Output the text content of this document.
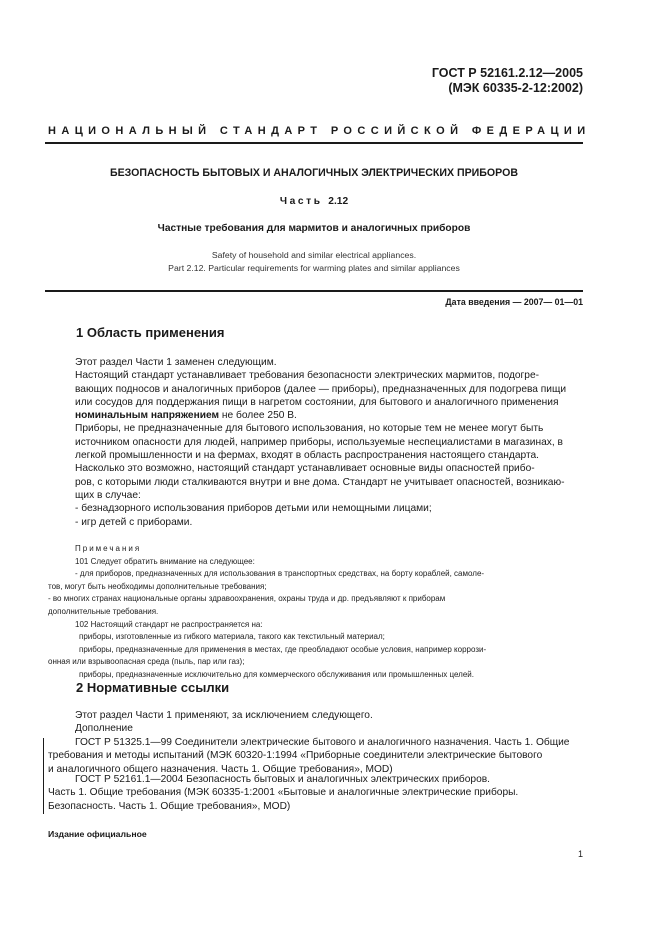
ГОСТ Р 52161.2.12—2005
(МЭК 60335-2-12:2002)
НАЦИОНАЛЬНЫЙ СТАНДАРТ РОССИЙСКОЙ ФЕДЕРАЦИИ
БЕЗОПАСНОСТЬ БЫТОВЫХ И АНАЛОГИЧНЫХ ЭЛЕКТРИЧЕСКИХ ПРИБОРОВ
Часть 2.12
Частные требования для мармитов и аналогичных приборов
Safety of household and similar electrical appliances.
Part 2.12. Particular requirements for warming plates and similar appliances
Дата введения — 2007— 01—01
1 Область применения

Этот раздел Части 1 заменен следующим.

Настоящий стандарт устанавливает требования безопасности электрических мармитов, подогре-

вающих подносов и аналогичных приборов (далее — приборы), предназначенных для подогрева пищи

или сосудов для поддержания пищи в нагретом состоянии, для бытового и аналогичного применения

номинальным напряжением не более 250 В.

Приборы, не предназначенные для бытового использования, но которые тем не менее могут быть

источником опасности для людей, например приборы, используемые неспециалистами в магазинах, в

легкой промышленности и на фермах, входят в область распространения настоящего стандарта.

Насколько это возможно, настоящий стандарт устанавливает основные виды опасностей прибо-

ров, с которыми люди сталкиваются внутри и вне дома. Стандарт не учитывает опасностей, возникаю-

щих в случае:

- безнадзорного использования приборов детьми или немощными лицами;

- игр детей с приборами.

Примечания

101 Следует обратить внимание на следующее:

- для приборов, предназначенных для использования в транспортных средствах, на борту кораблей, самоле-

тов, могут быть необходимы дополнительные требования;

- во многих странах национальные органы здравоохранения, охраны труда и др. предъявляют к приборам

дополнительные требования.

102 Настоящий стандарт не распространяется на:

приборы, изготовленные из гибкого материала, такого как текстильный материал;

приборы, предназначенные для применения в местах, где преобладают особые условия, например коррози-

онная или взрывоопасная среда (пыль, пар или газ);

приборы, предназначенные исключительно для коммерческого обслуживания или промышленных целей.

2 Нормативные ссылки

Этот раздел Части 1 применяют, за исключением следующего.

Дополнение

ГОСТ Р 51325.1—99 Соединители электрические бытового и аналогичного назначения. Часть 1. Общие

требования и методы испытаний (МЭК 60320-1:1994 «Приборные соединители электрические бытового

и аналогичного общего назначения. Часть 1. Общие требования», MOD)

ГОСТ Р 52161.1—2004 Безопасность бытовых и аналогичных электрических приборов.

Часть 1. Общие требования (МЭК 60335-1:2001 «Бытовые и аналогичные электрические приборы.

Безопасность. Часть 1. Общие требования», MOD)

Издание официальное
1
